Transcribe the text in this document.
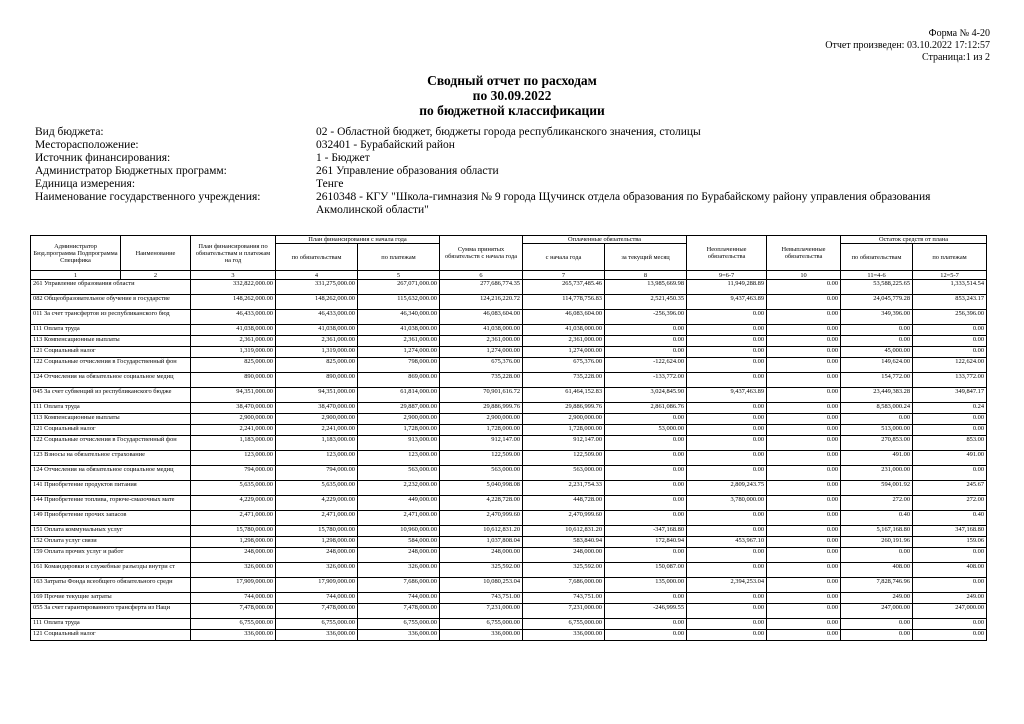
Форма № 4-20
Отчет произведен: 03.10.2022 17:12:57
Страница:1 из 2
Сводный отчет по расходам
по 30.09.2022
по бюджетной классификации
Вид бюджета:	02 - Областной бюджет, бюджеты города республиканского значения, столицы
Месторасположение:	032401 - Бурабайский район
Источник финансирования:	1 - Бюджет
Администратор Бюджетных программ:	261 Управление образования области
Единица измерения:	Тенге
Наименование государственного учреждения:	2610348 - КГУ "Школа-гимназия № 9 города Щучинск отдела образования по Бурабайскому району управления образования Акмолинской области"
Администратор Бюд.программа Подпрограмма Специфика	Наименование	План финансирования по обязательствам и платежам на год	План финансирования с начала года		Сумма принятых обязательств с начала года	Оплаченные обязательства		Неоплаченные обязательства	Невыплаченные обязательства	Остаток средств от плана	
			по обязательствам	по платежам		с начала года	за текущий месяц			по обязательствам	по платежам
1	2	3	4	5	6	7	8	9=6-7	10	11=4-6	12=5-7
261 Управление образования области		332,822,000.00	331,275,000.00	267,071,000.00	277,686,774.35	265,737,485.46	13,985,669.98	11,949,288.89	0.00	53,588,225.65	1,333,514.54
082 Общеобразовательное обучение в государстве		148,262,000.00	148,262,000.00	115,632,000.00	124,216,220.72	114,778,756.83	2,521,450.35	9,437,463.89	0.00	24,045,779.28	853,243.17
011 За счет трансфертов из республиканского бюд		46,433,000.00	46,433,000.00	46,340,000.00	46,083,604.00	46,083,604.00	-256,396.00	0.00	0.00	349,396.00	256,396.00
111 Оплата труда		41,038,000.00	41,038,000.00	41,038,000.00	41,038,000.00	41,038,000.00	0.00	0.00	0.00	0.00	0.00
113 Компенсационные выплаты		2,361,000.00	2,361,000.00	2,361,000.00	2,361,000.00	2,361,000.00	0.00	0.00	0.00	0.00	0.00
121 Социальный налог		1,319,000.00	1,319,000.00	1,274,000.00	1,274,000.00	1,274,000.00	0.00	0.00	0.00	45,000.00	0.00
122 Социальные отчисления в Государственный фон		825,000.00	825,000.00	798,000.00	675,376.00	675,376.00	-122,624.00	0.00	0.00	149,624.00	122,624.00
124 Отчисления на обязательное социальное медиц		890,000.00	890,000.00	869,000.00	735,228.00	735,228.00	-133,772.00	0.00	0.00	154,772.00	133,772.00
045 За счет субвенций из республиканского бюдже		94,351,000.00	94,351,000.00	61,814,000.00	70,901,616.72	61,464,152.83	3,024,845.90	9,437,463.89	0.00	23,449,383.28	349,847.17
111 Оплата труда		38,470,000.00	38,470,000.00	29,887,000.00	29,886,999.76	29,886,999.76	2,861,086.76	0.00	0.00	8,583,000.24	0.24
113 Компенсационные выплаты		2,900,000.00	2,900,000.00	2,900,000.00	2,900,000.00	2,900,000.00	0.00	0.00	0.00	0.00	0.00
121 Социальный налог		2,241,000.00	2,241,000.00	1,728,000.00	1,728,000.00	1,728,000.00	53,000.00	0.00	0.00	513,000.00	0.00
122 Социальные отчисления в Государственный фон		1,183,000.00	1,183,000.00	913,000.00	912,147.00	912,147.00	0.00	0.00	0.00	270,853.00	853.00
123 Взносы на обязательное страхование		123,000.00	123,000.00	123,000.00	122,509.00	122,509.00	0.00	0.00	0.00	491.00	491.00
124 Отчисления на обязательное социальное медиц		794,000.00	794,000.00	563,000.00	563,000.00	563,000.00	0.00	0.00	0.00	231,000.00	0.00
141 Приобретение продуктов питания		5,635,000.00	5,635,000.00	2,232,000.00	5,040,998.08	2,231,754.33	0.00	2,809,243.75	0.00	594,001.92	245.67
144 Приобретение топлива, горюче-смазочных мате		4,229,000.00	4,229,000.00	449,000.00	4,228,728.00	448,728.00	0.00	3,780,000.00	0.00	272.00	272.00
149 Приобретение прочих запасов		2,471,000.00	2,471,000.00	2,471,000.00	2,470,999.60	2,470,999.60	0.00	0.00	0.00	0.40	0.40
151 Оплата коммунальных услуг		15,780,000.00	15,780,000.00	10,960,000.00	10,612,831.20	10,612,831.20	-347,168.80	0.00	0.00	5,167,168.80	347,168.80
152 Оплата услуг связи		1,298,000.00	1,298,000.00	584,000.00	1,037,808.04	583,840.94	172,840.94	453,967.10	0.00	260,191.96	159.06
159 Оплата прочих услуг и работ		248,000.00	248,000.00	248,000.00	248,000.00	248,000.00	0.00	0.00	0.00	0.00	0.00
161 Командировки и служебные разъезды внутри ст		326,000.00	326,000.00	326,000.00	325,592.00	325,592.00	150,087.00	0.00	0.00	408.00	408.00
163 Затраты Фонда всеобщего обязательного средн		17,909,000.00	17,909,000.00	7,686,000.00	10,080,253.04	7,686,000.00	135,000.00	2,394,253.04	0.00	7,828,746.96	0.00
169 Прочие текущие затраты		744,000.00	744,000.00	744,000.00	743,751.00	743,751.00	0.00	0.00	0.00	249.00	249.00
055 За счет гарантированного трансферта из Наци		7,478,000.00	7,478,000.00	7,478,000.00	7,231,000.00	7,231,000.00	-246,999.55	0.00	0.00	247,000.00	247,000.00
111 Оплата труда		6,755,000.00	6,755,000.00	6,755,000.00	6,755,000.00	6,755,000.00	0.00	0.00	0.00	0.00	0.00
121 Социальный налог		336,000.00	336,000.00	336,000.00	336,000.00	336,000.00	0.00	0.00	0.00	0.00	0.00
